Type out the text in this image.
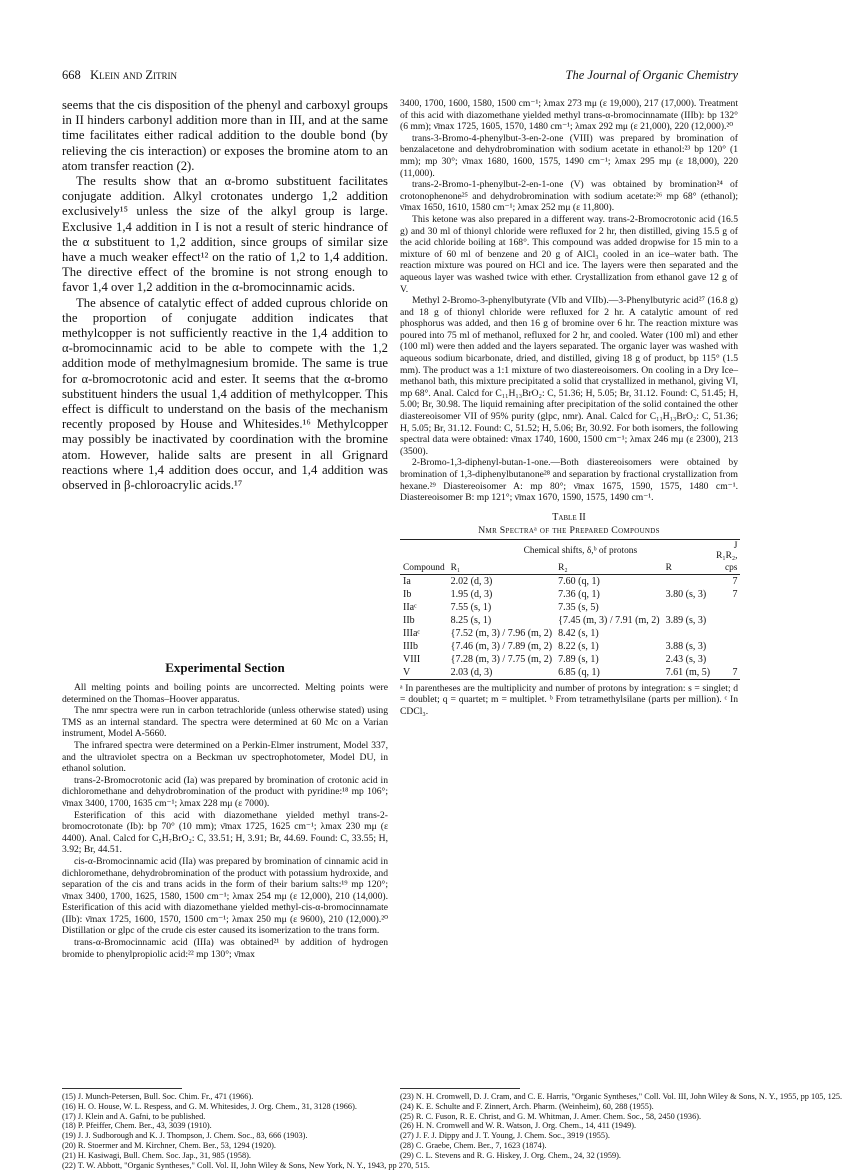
668 Klein and Zitrin	The Journal of Organic Chemistry

seems that the cis disposition of the phenyl and carboxyl groups in II hinders carbonyl addition more than in III, and at the same time facilitates either radical addition to the double bond (by relieving the cis interaction) or exposes the bromine atom to an atom transfer reaction (2).

The results show that an α-bromo substituent facilitates conjugate addition. Alkyl crotonates undergo 1,2 addition exclusively¹⁵ unless the size of the alkyl group is large. Exclusive 1,4 addition in I is not a result of steric hindrance of the α substituent to 1,2 addition, since groups of similar size have a much weaker effect¹² on the ratio of 1,2 to 1,4 addition. The directive effect of the bromine is not strong enough to favor 1,4 over 1,2 addition in the α-bromocinnamic acids.

The absence of catalytic effect of added cuprous chloride on the proportion of conjugate addition indicates that methylcopper is not sufficiently reactive in the 1,4 addition to α-bromocinnamic acid to be able to compete with the 1,2 addition mode of methylmagnesium bromide. The same is true for α-bromocrotonic acid and ester. It seems that the α-bromo substituent hinders the usual 1,4 addition of methylcopper. This effect is difficult to understand on the basis of the mechanism recently proposed by House and Whitesides.¹⁶ Methylcopper may possibly be inactivated by coordination with the bromine atom. However, halide salts are present in all Grignard reactions where 1,4 addition does occur, and 1,4 addition was observed in β-chloroacrylic acids.¹⁷

Experimental Section

All melting points and boiling points are uncorrected. Melting points were determined on the Thomas–Hoover apparatus.

The nmr spectra were run in carbon tetrachloride (unless otherwise stated) using TMS as an internal standard. The spectra were determined at 60 Mc on a Varian instrument, Model A-5660.

The infrared spectra were determined on a Perkin-Elmer instrument, Model 337, and the ultraviolet spectra on a Beckman uv spectrophotometer, Model DU, in ethanol solution.

trans-2-Bromocrotonic acid (Ia) was prepared by bromination of crotonic acid in dichloromethane and dehydrobromination of the product with pyridine:¹⁸ mp 106°; ν̄max 3400, 1700, 1635 cm⁻¹; λmax 228 mμ (ε 7000).

Esterification of this acid with diazomethane yielded methyl trans-2-bromocrotonate (Ib): bp 70° (10 mm); ν̄max 1725, 1625 cm⁻¹; λmax 230 mμ (ε 4400). Anal. Calcd for C₅H₇BrO₂: C, 33.51; H, 3.91; Br, 44.69. Found: C, 33.55; H, 3.92; Br, 44.51.

cis-α-Bromocinnamic acid (IIa) was prepared by bromination of cinnamic acid in dichloromethane, dehydrobromination of the product with potassium hydroxide, and separation of the cis and trans acids in the form of their barium salts:¹⁹ mp 120°; ν̄max 3400, 1700, 1625, 1580, 1500 cm⁻¹; λmax 254 mμ (ε 12,000), 210 (14,000). Esterification of this acid with diazomethane yielded methyl-cis-α-bromocinnamate (IIb): ν̄max 1725, 1600, 1570, 1500 cm⁻¹; λmax 250 mμ (ε 9600), 210 (12,000).²⁰ Distillation or glpc of the crude cis ester caused its isomerization to the trans form.

trans-α-Bromocinnamic acid (IIIa) was obtained²¹ by addition of hydrogen bromide to phenylpropiolic acid:²² mp 130°; ν̄max

3400, 1700, 1600, 1580, 1500 cm⁻¹; λmax 273 mμ (ε 19,000), 217 (17,000). Treatment of this acid with diazomethane yielded methyl trans-α-bromocinnamate (IIIb): bp 132° (6 mm); ν̄max 1725, 1605, 1570, 1480 cm⁻¹; λmax 292 mμ (ε 21,000), 220 (12,000).²⁰

trans-3-Bromo-4-phenylbut-3-en-2-one (VIII) was prepared by bromination of benzalacetone and dehydrobromination with sodium acetate in ethanol:²³ bp 120° (1 mm); mp 30°; ν̄max 1680, 1600, 1575, 1490 cm⁻¹; λmax 295 mμ (ε 18,000), 220 (11,000).

trans-2-Bromo-1-phenylbut-2-en-1-one (V) was obtained by bromination²⁴ of crotonophenone²⁵ and dehydrobromination with sodium acetate:²⁶ mp 68° (ethanol); ν̄max 1650, 1610, 1580 cm⁻¹; λmax 252 mμ (ε 11,800).

This ketone was also prepared in a different way. trans-2-Bromocrotonic acid (16.5 g) and 30 ml of thionyl chloride were refluxed for 2 hr, then distilled, giving 15.5 g of the acid chloride boiling at 168°. This compound was added dropwise for 15 min to a mixture of 60 ml of benzene and 20 g of AlCl₃ cooled in an ice–water bath. The reaction mixture was poured on HCl and ice. The layers were then separated and the aqueous layer was washed twice with ether. Crystallization from ethanol gave 12 g of V.

Methyl 2-Bromo-3-phenylbutyrate (VIb and VIIb).—3-Phenylbutyric acid²⁷ (16.8 g) and 18 g of thionyl chloride were refluxed for 2 hr. A catalytic amount of red phosphorus was added, and then 16 g of bromine over 6 hr. The reaction mixture was poured into 75 ml of methanol, refluxed for 2 hr, and cooled. Water (100 ml) and ether (100 ml) were then added and the layers separated. The organic layer was washed with aqueous sodium bicarbonate, dried, and distilled, giving 18 g of product, bp 115° (1.5 mm). The product was a 1:1 mixture of two diastereoisomers. On cooling in a Dry Ice–methanol bath, this mixture precipitated a solid that crystallized in methanol, giving VI, mp 68°. Anal. Calcd for C₁₁H₁₃BrO₂: C, 51.36; H, 5.05; Br, 31.12. Found: C, 51.45; H, 5.00; Br, 30.98. The liquid remaining after precipitation of the solid contained the other diastereoisomer VII of 95% purity (glpc, nmr). Anal. Calcd for C₁₁H₁₃BrO₂: C, 51.36; H, 5.05; Br, 31.12. Found: C, 51.52; H, 5.06; Br, 30.92. For both isomers, the following spectral data were obtained: ν̄max 1740, 1600, 1500 cm⁻¹; λmax 246 mμ (ε 2300), 213 (3500).

2-Bromo-1,3-diphenyl-butan-1-one.—Both diastereoisomers were obtained by bromination of 1,3-diphenylbutanone²⁸ and separation by fractional crystallization from hexane.²⁹ Diastereoisomer A: mp 80°; ν̄max 1675, 1590, 1575, 1480 cm⁻¹. Diastereoisomer B: mp 121°; ν̄max 1670, 1590, 1575, 1490 cm⁻¹.

Table II
Nmr Spectraᵃ of the Prepared Compounds
	Chemical shifts, δ,ᵇ of protons			J R₁R₂,
Compound	R₁	R₂	R	cps
Ia	2.02 (d, 3)	7.60 (q, 1)		7
Ib	1.95 (d, 3)	7.36 (q, 1)	3.80 (s, 3)	7
IIaᶜ	7.55 (s, 1)	7.35 (s, 5)		
IIb	8.25 (s, 1)	{7.45 (m, 3) / 7.91 (m, 2)	3.89 (s, 3)	
IIIaᶜ	{7.52 (m, 3) / 7.96 (m, 2)	8.42 (s, 1)		
IIIb	{7.46 (m, 3) / 7.89 (m, 2)	8.22 (s, 1)	3.88 (s, 3)	
VIII	{7.28 (m, 3) / 7.75 (m, 2)	7.89 (s, 1)	2.43 (s, 3)	
V	2.03 (d, 3)	6.85 (q, 1)	7.61 (m, 5)	7
ᵃ In parentheses are the multiplicity and number of protons by integration: s = singlet; d = doublet; q = quartet; m = multiplet. ᵇ From tetramethylsilane (parts per million). ᶜ In CDCl₃.
(15) J. Munch-Petersen, Bull. Soc. Chim. Fr., 471 (1966).
(16) H. O. House, W. L. Respess, and G. M. Whitesides, J. Org. Chem., 31, 3128 (1966).
(17) J. Klein and A. Gafni, to be published.
(18) P. Pfeiffer, Chem. Ber., 43, 3039 (1910).
(19) J. J. Sudborough and K. J. Thompson, J. Chem. Soc., 83, 666 (1903).
(20) R. Stoermer and M. Kirchner, Chem. Ber., 53, 1294 (1920).
(21) H. Kasiwagi, Bull. Chem. Soc. Jap., 31, 985 (1958).
(22) T. W. Abbott, "Organic Syntheses," Coll. Vol. II, John Wiley & Sons, New York, N. Y., 1943, pp 270, 515.
(23) N. H. Cromwell, D. J. Cram, and C. E. Harris, "Organic Syntheses," Coll. Vol. III, John Wiley & Sons, N. Y., 1955, pp 105, 125.
(24) K. E. Schulte and F. Zinnert, Arch. Pharm. (Weinheim), 60, 288 (1955).
(25) R. C. Fuson, R. E. Christ, and G. M. Whitman, J. Amer. Chem. Soc., 58, 2450 (1936).
(26) H. N. Cromwell and W. R. Watson, J. Org. Chem., 14, 411 (1949).
(27) J. F. J. Dippy and J. T. Young, J. Chem. Soc., 3919 (1955).
(28) C. Graebe, Chem. Ber., 7, 1623 (1874).
(29) C. L. Stevens and R. G. Hiskey, J. Org. Chem., 24, 32 (1959).
